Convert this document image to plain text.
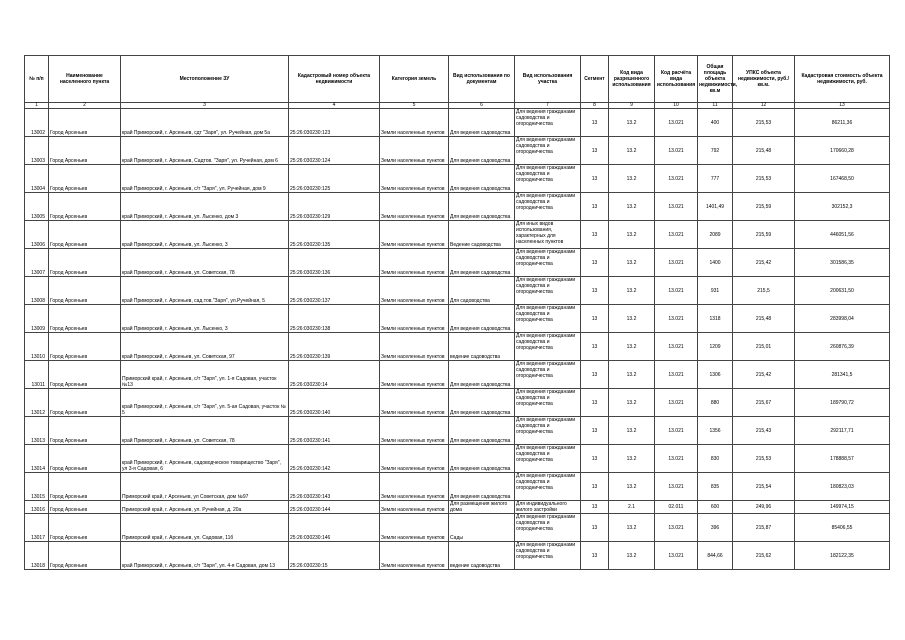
№ п/п	Наименование населенного пункта	Местоположение ЗУ	Кадастровый номер объекта недвижимости	Категория земель	Вид использования по документам	Вид использования участка	Сегмент	Код вида разрешенного использования	Код расчёта вида использования	Общая площадь объекта недвижимости, кв.м	УПКС объекта недвижимости, руб./кв.м.	Кадастровая стоимость объекта недвижимости, руб.
1	2	3	4	5	6	7	8	9	10	11	12	13
13002	Город Арсеньев	край Приморский, г. Арсеньев, сдт "Заря", ул. Ручейная, дом 5а	25:26:030230:123	Земли населенных пунктов	Для ведения садоводства	Для ведения гражданами садоводства и огородничества	13	13.2	13.021	400	215,53	86211,36
13003	Город Арсеньев	край Приморский, г. Арсеньев, Садтов. "Заря", ул. Ручейная, дом 6	25:26:030230:124	Земли населенных пунктов	Для ведения садоводства	Для ведения гражданами садоводства и огородничества	13	13.2	13.021	792	215,48	170660,28
13004	Город Арсеньев	край Приморский, г. Арсеньев, с/т "Заря", ул. Ручейная, дом 9	25:26:030230:125	Земли населенных пунктов	Для ведения садоводства	Для ведения гражданами садоводства и огородничества	13	13.2	13.021	777	215,53	167468,50
13005	Город Арсеньев	край Приморский, г. Арсеньев, ул. Лысенко, дом 3	25:26:030230:129	Земли населенных пунктов	Для ведения садоводства	Для ведения гражданами садоводства и огородничества	13	13.2	13.021	1401,49	215,59	302152,3
13006	Город Арсеньев	край Приморский, г. Арсеньев, ул. Лысенко, 3	25:26:030230:135	Земли населенных пунктов	Ведение садоводства	Для иных видов использования, характерных для населенных пунктов	13	13.2	13.021	2089	215,59	446051,56
13007	Город Арсеньев	край Приморский, г. Арсеньев, ул. Советская, 78	25:26:030230:136	Земли населенных пунктов	Для ведения садоводства	Для ведения гражданами садоводства и огородничества	13	13.2	13.021	1400	215,42	301586,35
13008	Город Арсеньев	край Приморский, г. Арсеньев, сад.тов."Заря", ул.Ручейная, 5	25:26:030230:137	Земли населенных пунктов	Для садоводства	Для ведения гражданами садоводства и огородничества	13	13.2	13.021	931	215,5	200631,50
13009	Город Арсеньев	край Приморский, г. Арсеньев, ул. Лысенко, 3	25:26:030230:138	Земли населенных пунктов	Для ведения садоводства	Для ведения гражданами садоводства и огородничества	13	13.2	13.021	1318	215,48	283998,04
13010	Город Арсеньев	край Приморский, г. Арсеньев, ул. Советская, 97	25:26:030230:139	Земли населенных пунктов	ведение садоводства	Для ведения гражданами садоводства и огородничества	13	13.2	13.021	1209	215,01	260876,39
13011	Город Арсеньев	Приморский край, г. Арсеньев, с/т "Заря", ул. 1-я Садовая, участок №13	25:26:030230:14	Земли населенных пунктов	Для ведения садоводства	Для ведения гражданами садоводства и огородничества	13	13.2	13.021	1306	215,42	281341,5
13012	Город Арсеньев	край Приморский, г. Арсеньев, с/т "Заря", ул. 5-ая Садовая, участок № 5	25:26:030230:140	Земли населенных пунктов	Для ведения садоводства	Для ведения гражданами садоводства и огородничества	13	13.2	13.021	880	215,67	189790,72
13013	Город Арсеньев	край Приморский, г. Арсеньев, ул. Советская, 78	25:26:030230:141	Земли населенных пунктов	Для ведения садоводства	Для ведения гражданами садоводства и огородничества	13	13.2	13.021	1356	215,43	292117,71
13014	Город Арсеньев	край Приморский, г. Арсеньев, садоводческое товарищество "Заря", ул 3-я Садовая, 6	25:26:030230:142	Земли населенных пунктов	Для ведения садоводства	Для ведения гражданами садоводства и огородничества	13	13.2	13.021	830	215,53	178888,57
13015	Город Арсеньев	Приморский край, г Арсеньев, ул Советская, дом №97	25:26:030230:143	Земли населенных пунктов	Для ведения садоводства	Для ведения гражданами садоводства и огородничества	13	13.2	13.021	835	215,54	180823,03
13016	Город Арсеньев	Приморский край, г. Арсеньев, ул. Ручейная, д. 20а	25:26:030230:144	Земли населенных пунктов	Для размещения жилого дома	Для индивидуального жилого застройки	13	2.1	02.011	600	249,96	149974,15
13017	Город Арсеньев	Приморский край, г. Арсеньев, ул. Садовая, 11б	25:26:030230:146	Земли населенных пунктов	Сады	Для ведения гражданами садоводства и огородничества	13	13.2	13.021	396	215,87	85406,55
13018	Город Арсеньев	край Приморский, г. Арсеньев, с/т "Заря", ул. 4-я Садовая, дом 13	25:26:030230:15	Земли населенных пунктов	ведение садоводства	Для ведения гражданами садоводства и огородничества	13	13.2	13.021	844,66	215,62	182122,35
